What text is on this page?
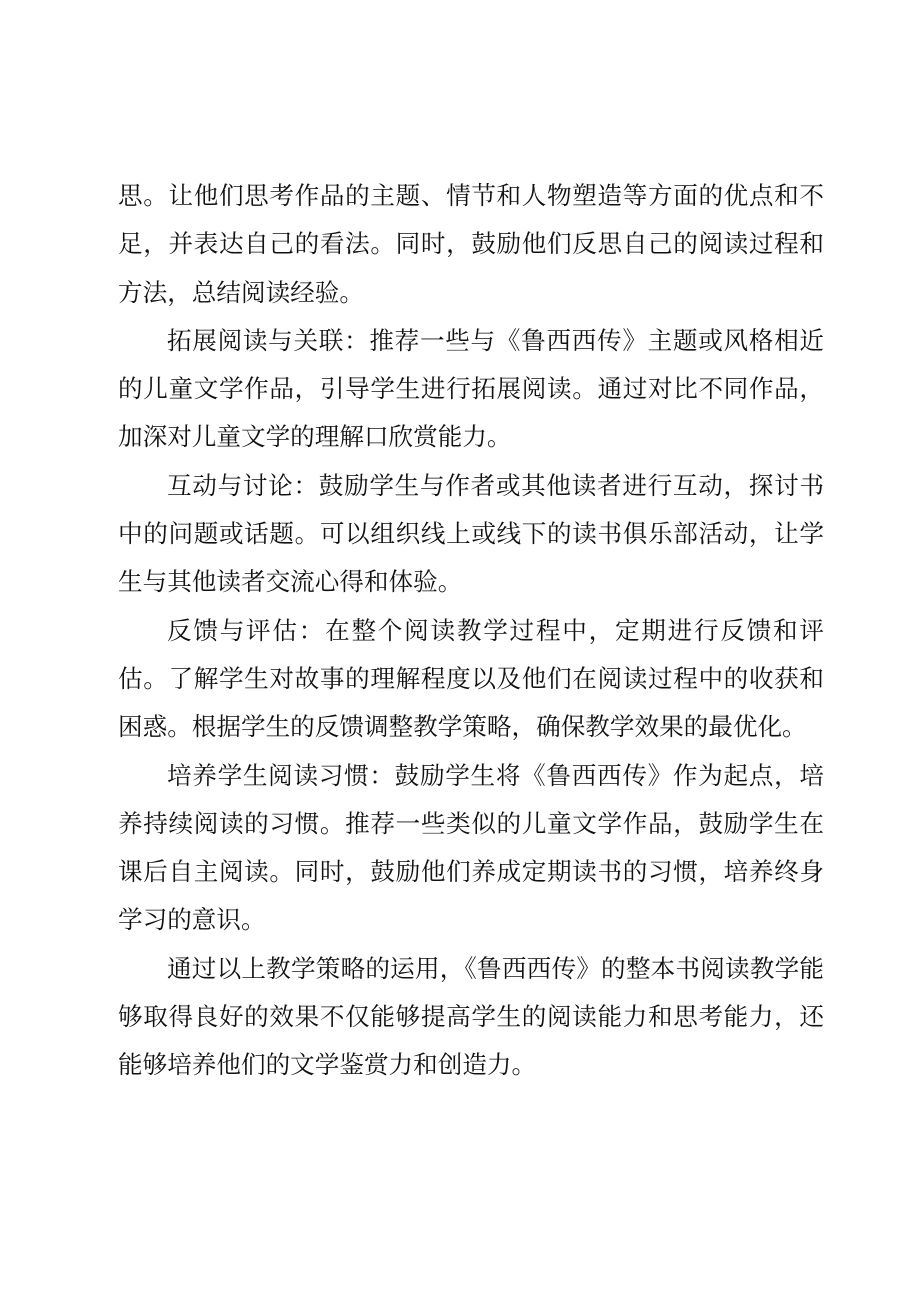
思。让他们思考作品的主题、情节和人物塑造等方面的优点和不足，并表达自己的看法。同时，鼓励他们反思自己的阅读过程和方法，总结阅读经验。

拓展阅读与关联：推荐一些与《鲁西西传》主题或风格相近的儿童文学作品，引导学生进行拓展阅读。通过对比不同作品，加深对儿童文学的理解口欣赏能力。

互动与讨论：鼓励学生与作者或其他读者进行互动，探讨书中的问题或话题。可以组织线上或线下的读书俱乐部活动，让学生与其他读者交流心得和体验。

反馈与评估：在整个阅读教学过程中，定期进行反馈和评估。了解学生对故事的理解程度以及他们在阅读过程中的收获和困惑。根据学生的反馈调整教学策略，确保教学效果的最优化。

培养学生阅读习惯：鼓励学生将《鲁西西传》作为起点，培养持续阅读的习惯。推荐一些类似的儿童文学作品，鼓励学生在课后自主阅读。同时，鼓励他们养成定期读书的习惯，培养终身学习的意识。

通过以上教学策略的运用，《鲁西西传》的整本书阅读教学能够取得良好的效果不仅能够提高学生的阅读能力和思考能力，还能够培养他们的文学鉴赏力和创造力。
